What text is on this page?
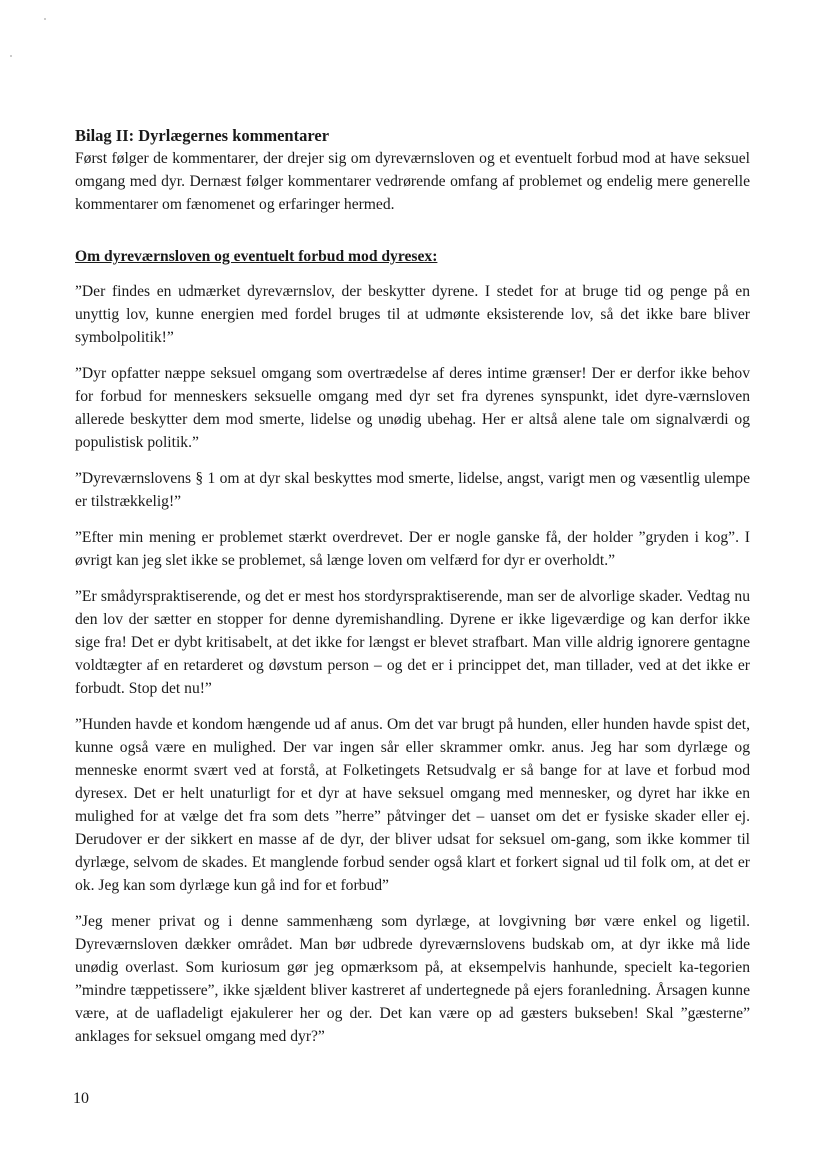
Bilag II: Dyrlægernes kommentarer

Først følger de kommentarer, der drejer sig om dyreværnsloven og et eventuelt forbud mod at have seksuel omgang med dyr. Dernæst følger kommentarer vedrørende omfang af problemet og endelig mere generelle kommentarer om fænomenet og erfaringer hermed.

Om dyreværnsloven og eventuelt forbud mod dyresex:

”Der findes en udmærket dyreværnslov, der beskytter dyrene. I stedet for at bruge tid og penge på en unyttig lov, kunne energien med fordel bruges til at udmønte eksisterende lov, så det ikke bare bliver symbolpolitik!”

”Dyr opfatter næppe seksuel omgang som overtrædelse af deres intime grænser! Der er derfor ikke behov for forbud for menneskers seksuelle omgang med dyr set fra dyrenes synspunkt, idet dyre-værnsloven allerede beskytter dem mod smerte, lidelse og unødig ubehag. Her er altså alene tale om signalværdi og populistisk politik.”

”Dyreværnslovens § 1 om at dyr skal beskyttes mod smerte, lidelse, angst, varigt men og væsentlig ulempe er tilstrækkelig!”

”Efter min mening er problemet stærkt overdrevet. Der er nogle ganske få, der holder ”gryden i kog”. I øvrigt kan jeg slet ikke se problemet, så længe loven om velfærd for dyr er overholdt.”

”Er smådyrspraktiserende, og det er mest hos stordyrspraktiserende, man ser de alvorlige skader. Vedtag nu den lov der sætter en stopper for denne dyremishandling. Dyrene er ikke ligeværdige og kan derfor ikke sige fra! Det er dybt kritisabelt, at det ikke for længst er blevet strafbart. Man ville aldrig ignorere gentagne voldtægter af en retarderet og døvstum person – og det er i princippet det, man tillader, ved at det ikke er forbudt. Stop det nu!”

”Hunden havde et kondom hængende ud af anus. Om det var brugt på hunden, eller hunden havde spist det, kunne også være en mulighed. Der var ingen sår eller skrammer omkr. anus. Jeg har som dyrlæge og menneske enormt svært ved at forstå, at Folketingets Retsudvalg er så bange for at lave et forbud mod dyresex. Det er helt unaturligt for et dyr at have seksuel omgang med mennesker, og dyret har ikke en mulighed for at vælge det fra som dets ”herre” påtvinger det – uanset om det er fysiske skader eller ej. Derudover er der sikkert en masse af de dyr, der bliver udsat for seksuel om-gang, som ikke kommer til dyrlæge, selvom de skades. Et manglende forbud sender også klart et forkert signal ud til folk om, at det er ok. Jeg kan som dyrlæge kun gå ind for et forbud”

”Jeg mener privat og i denne sammenhæng som dyrlæge, at lovgivning bør være enkel og ligetil. Dyreværnsloven dækker området. Man bør udbrede dyreværnslovens budskab om, at dyr ikke må lide unødig overlast. Som kuriosum gør jeg opmærksom på, at eksempelvis hanhunde, specielt ka-tegorien ”mindre tæppetissere”, ikke sjældent bliver kastreret af undertegnede på ejers foranledning. Årsagen kunne være, at de uafladeligt ejakulerer her og der. Det kan være op ad gæsters bukseben! Skal ”gæsterne” anklages for seksuel omgang med dyr?”

10
